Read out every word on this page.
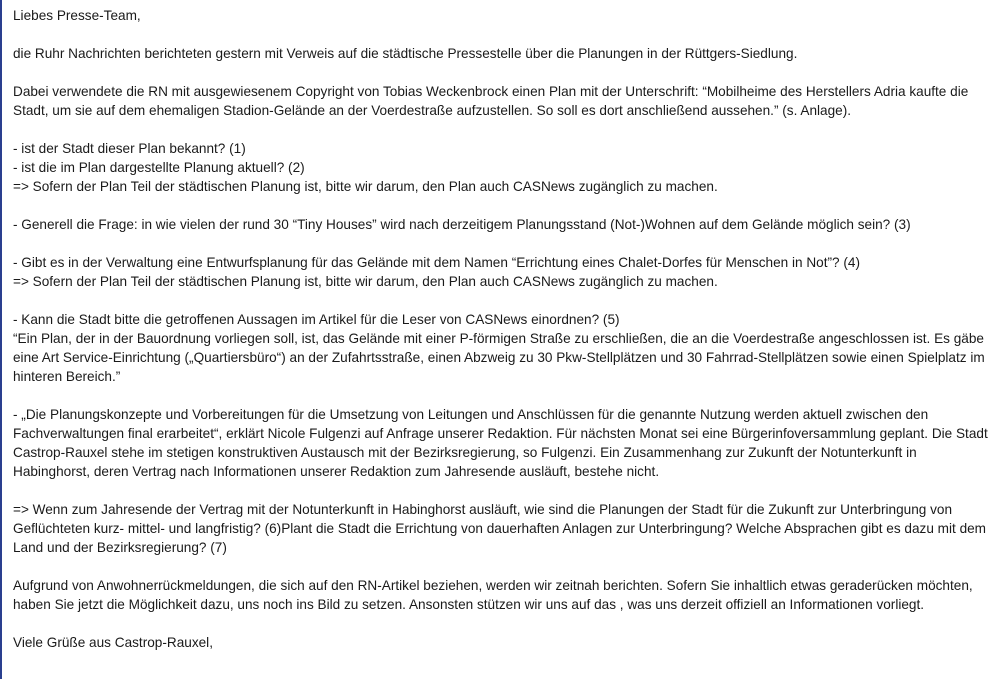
Liebes Presse-Team,

die Ruhr Nachrichten berichteten gestern mit Verweis auf die städtische Pressestelle über die Planungen in der Rüttgers-Siedlung.

Dabei verwendete die RN mit ausgewiesenem Copyright von Tobias Weckenbrock einen Plan mit der Unterschrift: “Mobilheime des Herstellers Adria kaufte die Stadt, um sie auf dem ehemaligen Stadion-Gelände an der Voerdestraße aufzustellen. So soll es dort anschließend aussehen.” (s. Anlage).

- ist der Stadt dieser Plan bekannt? (1)
- ist die im Plan dargestellte Planung aktuell? (2)
=> Sofern der Plan Teil der städtischen Planung ist, bitte wir darum, den Plan auch CASNews zugänglich zu machen.

- Generell die Frage: in wie vielen der rund 30 “Tiny Houses” wird nach derzeitigem Planungsstand (Not-)Wohnen auf dem Gelände möglich sein? (3)

- Gibt es in der Verwaltung eine Entwurfsplanung für das Gelände mit dem Namen “Errichtung eines Chalet-Dorfes für Menschen in Not”? (4)
=> Sofern der Plan Teil der städtischen Planung ist, bitte wir darum, den Plan auch CASNews zugänglich zu machen.

- Kann die Stadt bitte die getroffenen Aussagen im Artikel für die Leser von CASNews einordnen? (5)
“Ein Plan, der in der Bauordnung vorliegen soll, ist, das Gelände mit einer P-förmigen Straße zu erschließen, die an die Voerdestraße angeschlossen ist. Es gäbe eine Art Service-Einrichtung („Quartiersbüro“) an der Zufahrtsstraße, einen Abzweig zu 30 Pkw-Stellplätzen und 30 Fahrrad-Stellplätzen sowie einen Spielplatz im hinteren Bereich.”

- „Die Planungskonzepte und Vorbereitungen für die Umsetzung von Leitungen und Anschlüssen für die genannte Nutzung werden aktuell zwischen den Fachverwaltungen final erarbeitet“, erklärt Nicole Fulgenzi auf Anfrage unserer Redaktion. Für nächsten Monat sei eine Bürgerinfoversammlung geplant. Die Stadt Castrop-Rauxel stehe im stetigen konstruktiven Austausch mit der Bezirksregierung, so Fulgenzi. Ein Zusammenhang zur Zukunft der Notunterkunft in Habinghorst, deren Vertrag nach Informationen unserer Redaktion zum Jahresende ausläuft, bestehe nicht.

=> Wenn zum Jahresende der Vertrag mit der Notunterkunft in Habinghorst ausläuft, wie sind die Planungen der Stadt für die Zukunft zur Unterbringung von Geflüchteten kurz- mittel- und langfristig? (6)Plant die Stadt die Errichtung von dauerhaften Anlagen zur Unterbringung? Welche Absprachen gibt es dazu mit dem Land und der Bezirksregierung? (7)

Aufgrund von Anwohnerrückmeldungen, die sich auf den RN-Artikel beziehen, werden wir zeitnah berichten. Sofern Sie inhaltlich etwas geraderücken möchten, haben Sie jetzt die Möglichkeit dazu, uns noch ins Bild zu setzen. Ansonsten stützen wir uns auf das , was uns derzeit offiziell an Informationen vorliegt.

Viele Grüße aus Castrop-Rauxel,
